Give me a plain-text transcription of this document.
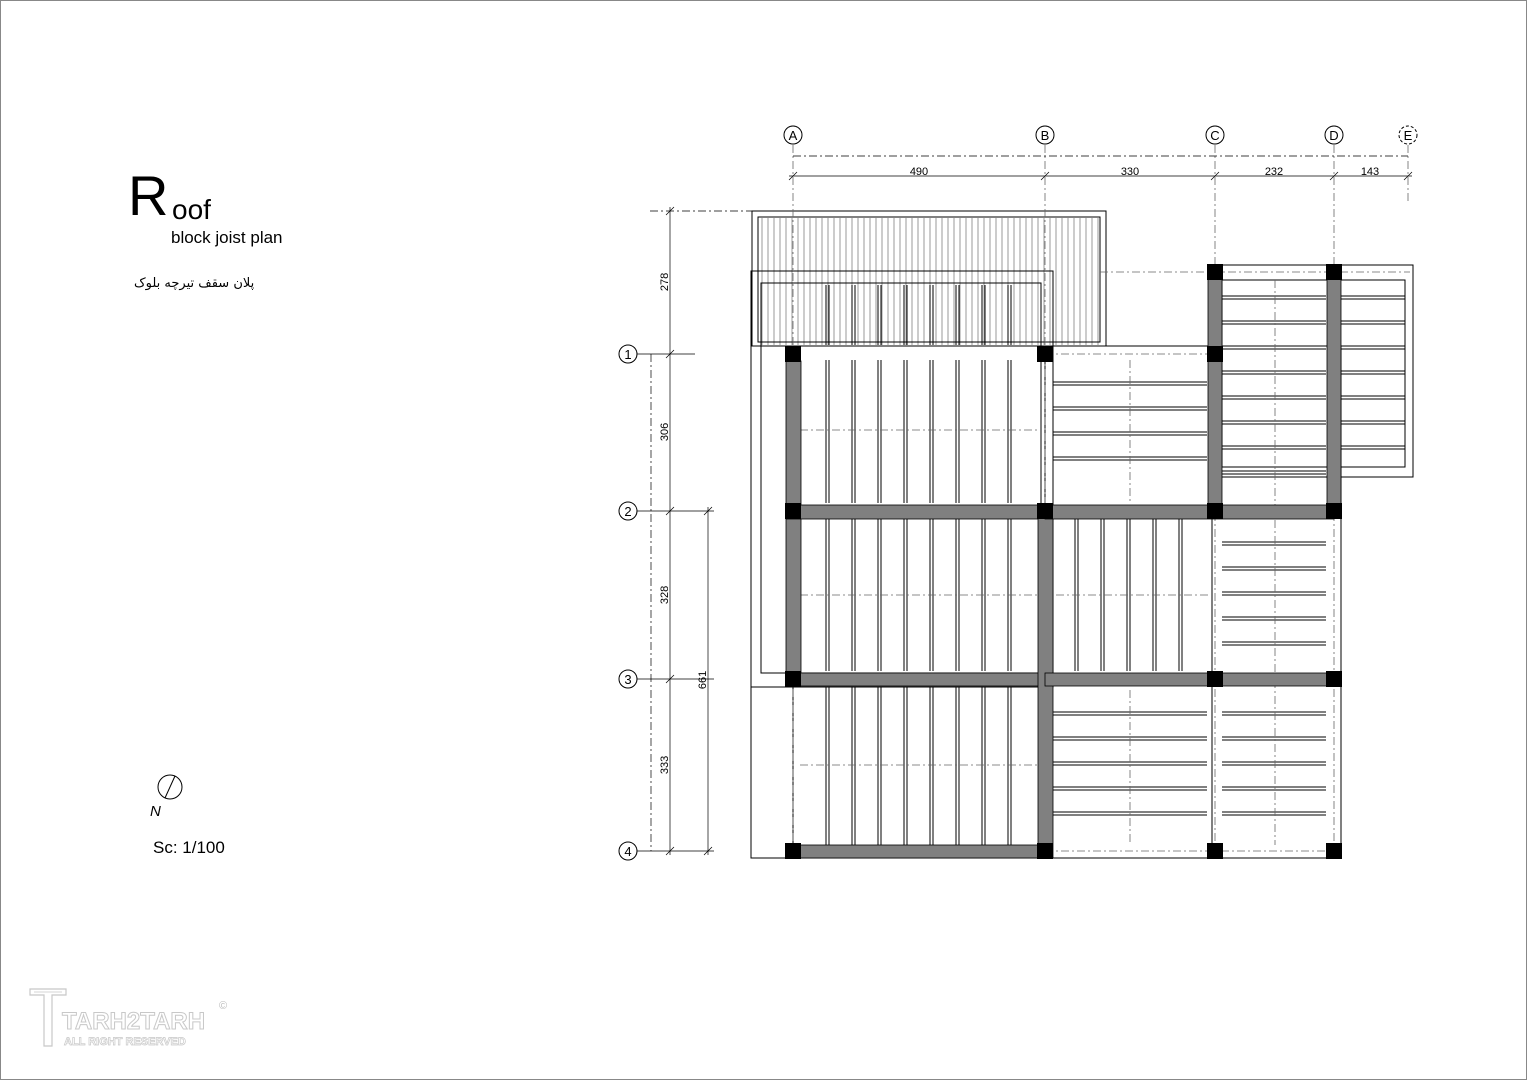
R oof
block joist plan
پلان سقف تیرچه بلوک
N
Sc: 1/100
TARH2TARH
ALL RIGHT RESERVED
©
A	B	C	D	E
1
2
3
4
490	330	232	143
278
306
328
333
661
